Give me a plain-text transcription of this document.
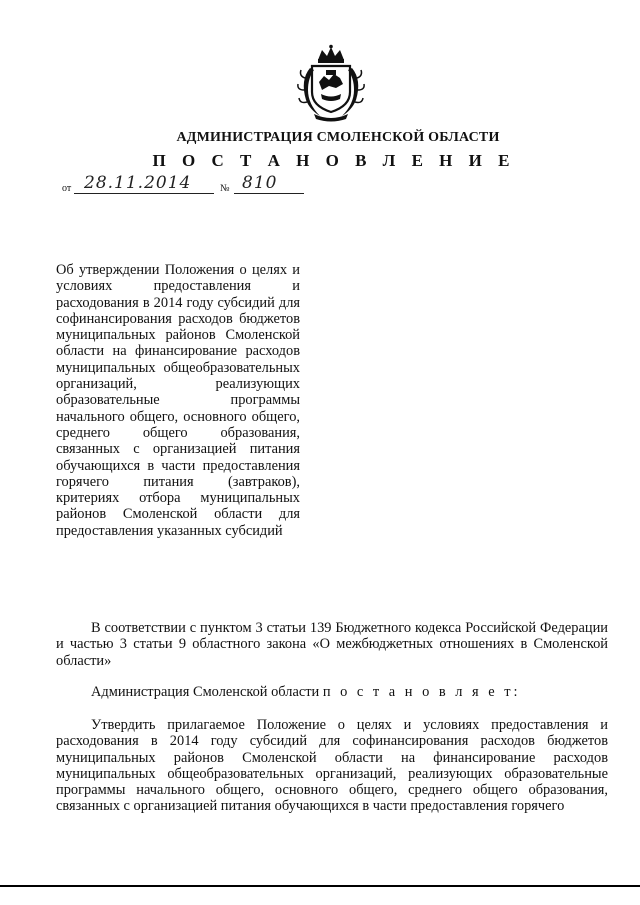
АДМИНИСТРАЦИЯ СМОЛЕНСКОЙ ОБЛАСТИ
П О С Т А Н О В Л Е Н И Е
от 28.11.2014	№ 810
Об утверждении Положения о целях и условиях предоставления и расходования в 2014 году субсидий для софинансирования расходов бюджетов муниципальных районов Смоленской области на финансирование расходов муниципальных общеобразовательных организаций, реализующих образовательные программы начального общего, основного общего, среднего общего образования, связанных с организацией питания обучающихся в части предоставления горячего питания (завтраков), критериях отбора муниципальных районов Смоленской области для предоставления указанных субсидий
В соответствии с пунктом 3 статьи 139 Бюджетного кодекса Российской Федерации и частью 3 статьи 9 областного закона «О межбюджетных отношениях в Смоленской области»
Администрация Смоленской области п о с т а н о в л я е т:
Утвердить прилагаемое Положение о целях и условиях предоставления и расходования в 2014 году субсидий для софинансирования расходов бюджетов муниципальных районов Смоленской области на финансирование расходов муниципальных общеобразовательных организаций, реализующих образовательные программы начального общего, основного общего, среднего общего образования, связанных с организацией питания обучающихся в части предоставления горячего
